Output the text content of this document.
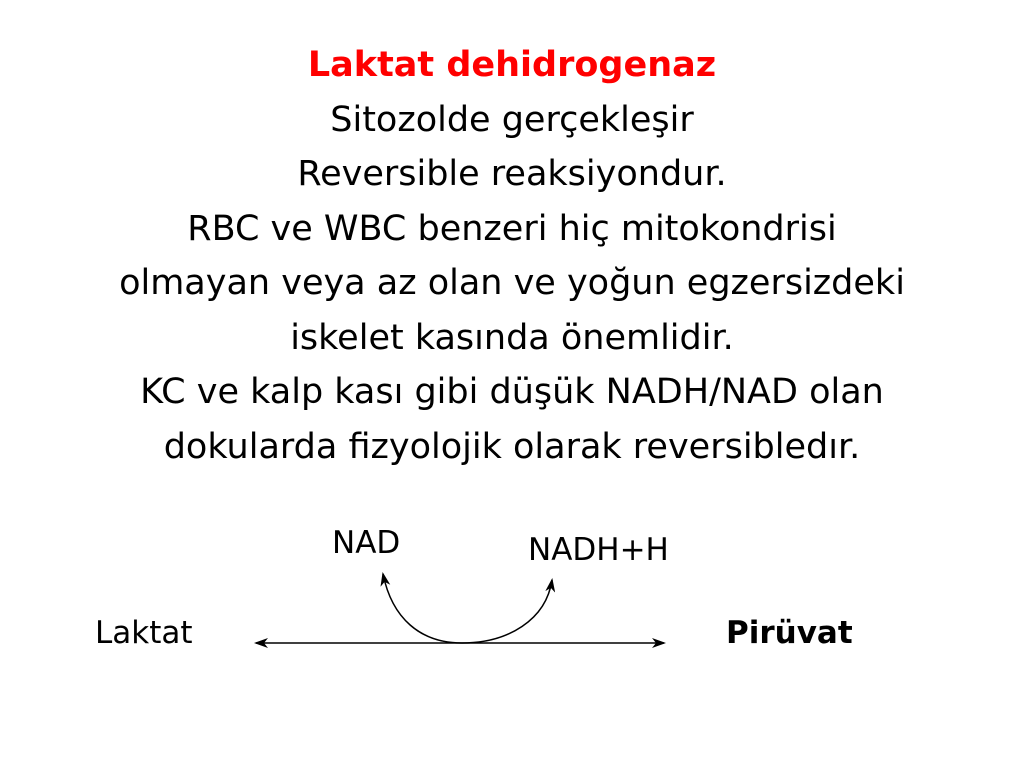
Laktat dehidrogenaz
Sitozolde gerçekleşir
Reversible reaksiyondur.
RBC ve WBC benzeri hiç mitokondrisi
olmayan veya az olan ve yoğun egzersizdeki
iskelet kasında önemlidir.
KC ve kalp kası gibi düşük NADH/NAD olan
dokularda fizyolojik olarak reversibledır.
NAD	NADH+H
Laktat	Pirüvat
